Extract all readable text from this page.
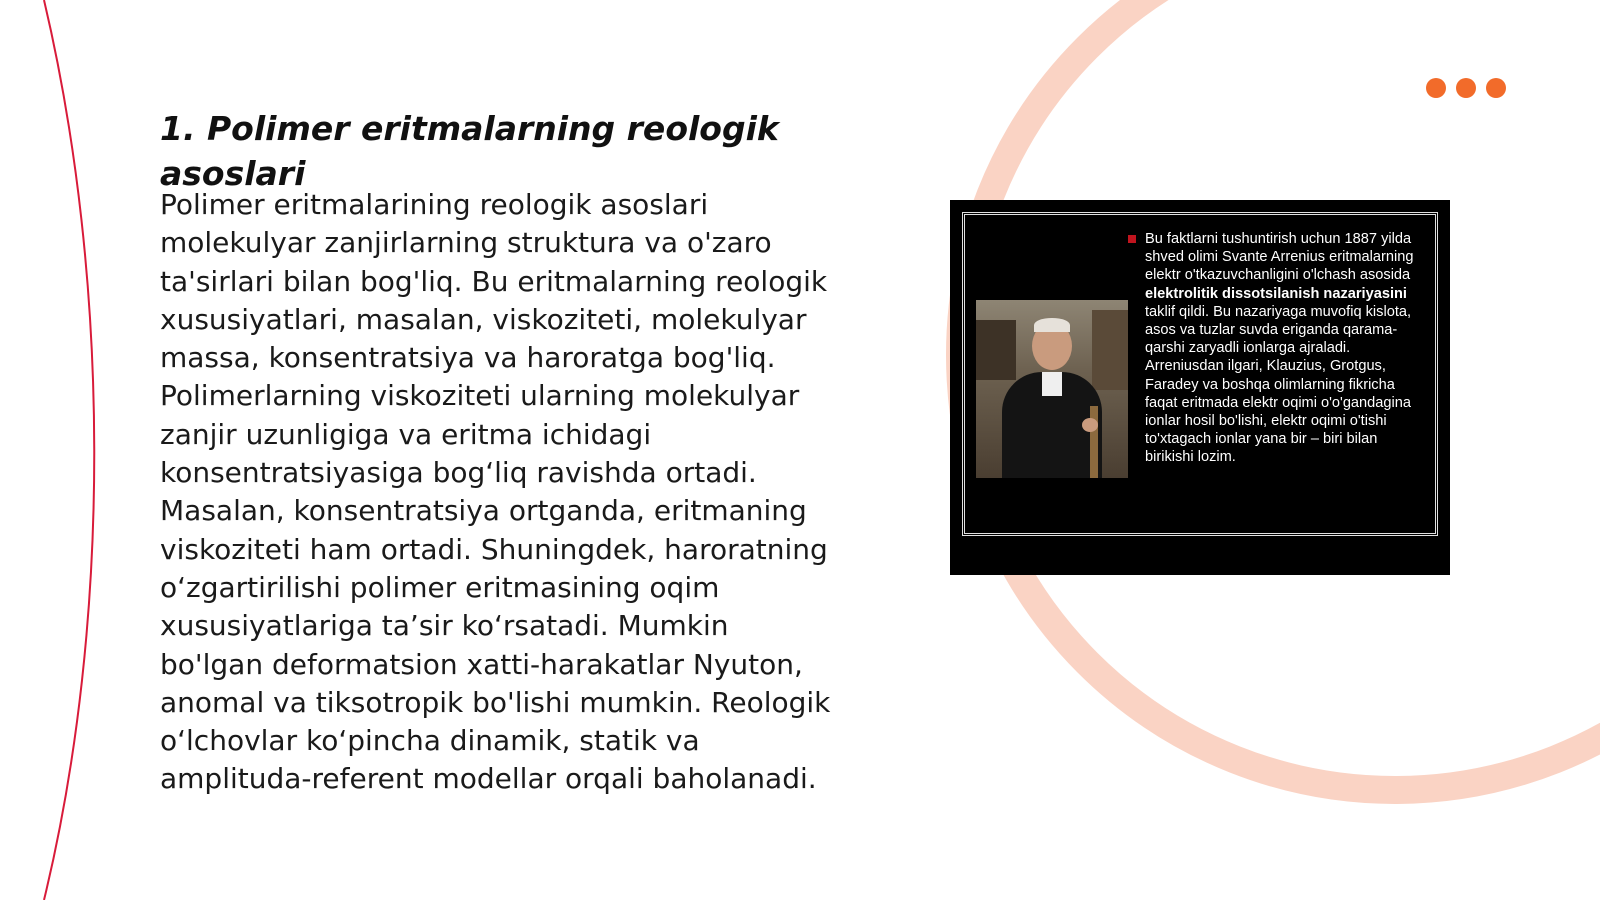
1. Polimer eritmalarning reologik asoslari

Polimer eritmalarining reologik asoslari molekulyar zanjirlarning struktura va o'zaro ta'sirlari bilan bog'liq. Bu eritmalarning reologik xususiyatlari, masalan, viskoziteti, molekulyar massa, konsentratsiya va haroratga bog'liq. Polimerlarning viskoziteti ularning molekulyar zanjir uzunligiga va eritma ichidagi konsentratsiyasiga bog‘liq ravishda ortadi. Masalan, konsentratsiya ortganda, eritmaning viskoziteti ham ortadi. Shuningdek, haroratning o‘zgartirilishi polimer eritmasining oqim xususiyatlariga ta’sir ko‘rsatadi. Mumkin bo'lgan deformatsion xatti-harakatlar Nyuton, anomal va tiksotropik bo'lishi mumkin. Reologik o‘lchovlar ko‘pincha dinamik, statik va amplituda-referent modellar orqali baholanadi.

Bu faktlarni tushuntirish uchun 1887 yilda shved olimi Svante Arrenius eritmalarning elektr o'tkazuvchanligini o'lchash asosida elektrolitik dissotsilanish nazariyasini taklif qildi. Bu nazariyaga muvofiq kislota, asos va tuzlar suvda eriganda qarama-qarshi zaryadli ionlarga ajraladi. Arreniusdan ilgari, Klauzius, Grotgus, Faradey va boshqa olimlarning fikricha faqat eritmada elektr oqimi o'o'gandagina ionlar hosil bo'lishi, elektr oqimi o'tishi to'xtagach ionlar yana bir – biri bilan birikishi lozim.
